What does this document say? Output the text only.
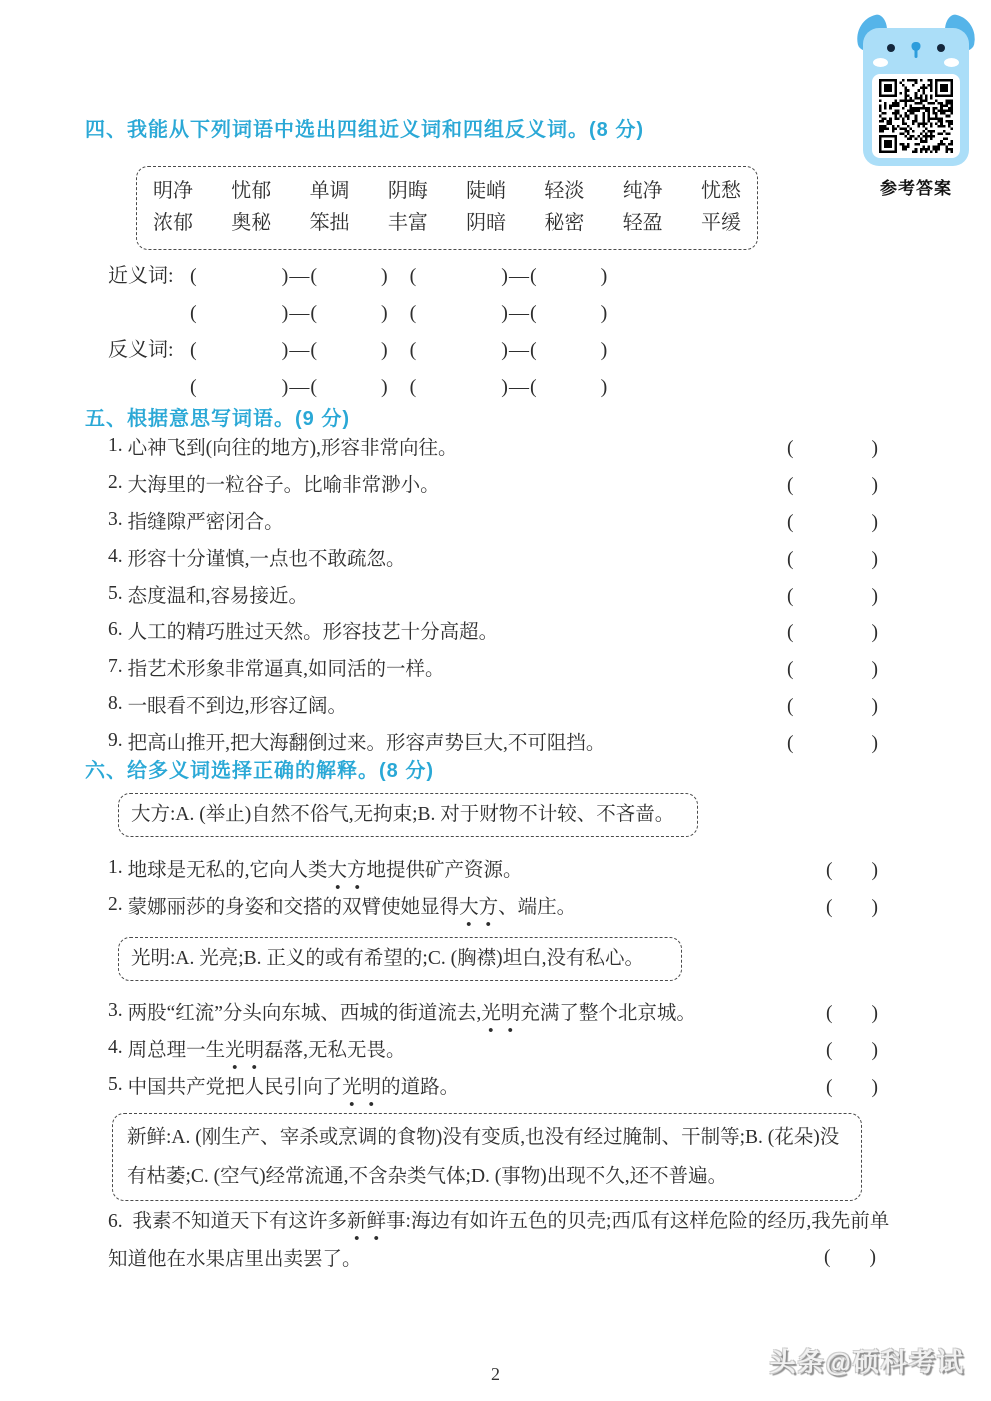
参考答案
四、我能从下列词语中选出四组近义词和四组反义词。(8 分)
明净 忧郁 单调 阴晦 陡峭 轻淡 纯净 忧愁
浓郁 奥秘 笨拙 丰富 阴暗 秘密 轻盈 平缓
近义词: (　　　　)—(　　　)　(　　　　)—(　　　)
(　　　　)—(　　　)　(　　　　)—(　　　)
反义词: (　　　　)—(　　　)　(　　　　)—(　　　)
(　　　　)—(　　　)　(　　　　)—(　　　)
五、根据意思写词语。(9 分)
1. 心神飞到(向往的地方),形容非常向往。	(　　　　)
2. 大海里的一粒谷子。比喻非常渺小。	(　　　　)
3. 指缝隙严密闭合。	(　　　　)
4. 形容十分谨慎,一点也不敢疏忽。	(　　　　)
5. 态度温和,容易接近。	(　　　　)
6. 人工的精巧胜过天然。形容技艺十分高超。	(　　　　)
7. 指艺术形象非常逼真,如同活的一样。	(　　　　)
8. 一眼看不到边,形容辽阔。	(　　　　)
9. 把高山推开,把大海翻倒过来。形容声势巨大,不可阻挡。	(　　　　)
六、给多义词选择正确的解释。(8 分)
大方:A. (举止)自然不俗气,无拘束;B. 对于财物不计较、不吝啬。
1. 地球是无私的,它向人类大方地提供矿产资源。	(　　)
2. 蒙娜丽莎的身姿和交搭的双臂使她显得大方、端庄。	(　　)
光明:A. 光亮;B. 正义的或有希望的;C. (胸襟)坦白,没有私心。
3. 两股“红流”分头向东城、西城的街道流去,光明充满了整个北京城。	(　　)
4. 周总理一生光明磊落,无私无畏。	(　　)
5. 中国共产党把人民引向了光明的道路。	(　　)
新鲜:A. (刚生产、宰杀或烹调的食物)没有变质,也没有经过腌制、干制等;B. (花朵)没有枯萎;C. (空气)经常流通,不含杂类气体;D. (事物)出现不久,还不普遍。
6. 我素不知道天下有这许多新鲜事:海边有如许五色的贝壳;西瓜有这样危险的经历,我先前单知道他在水果店里出卖罢了。	(　　)
2	头条@硕科考试
